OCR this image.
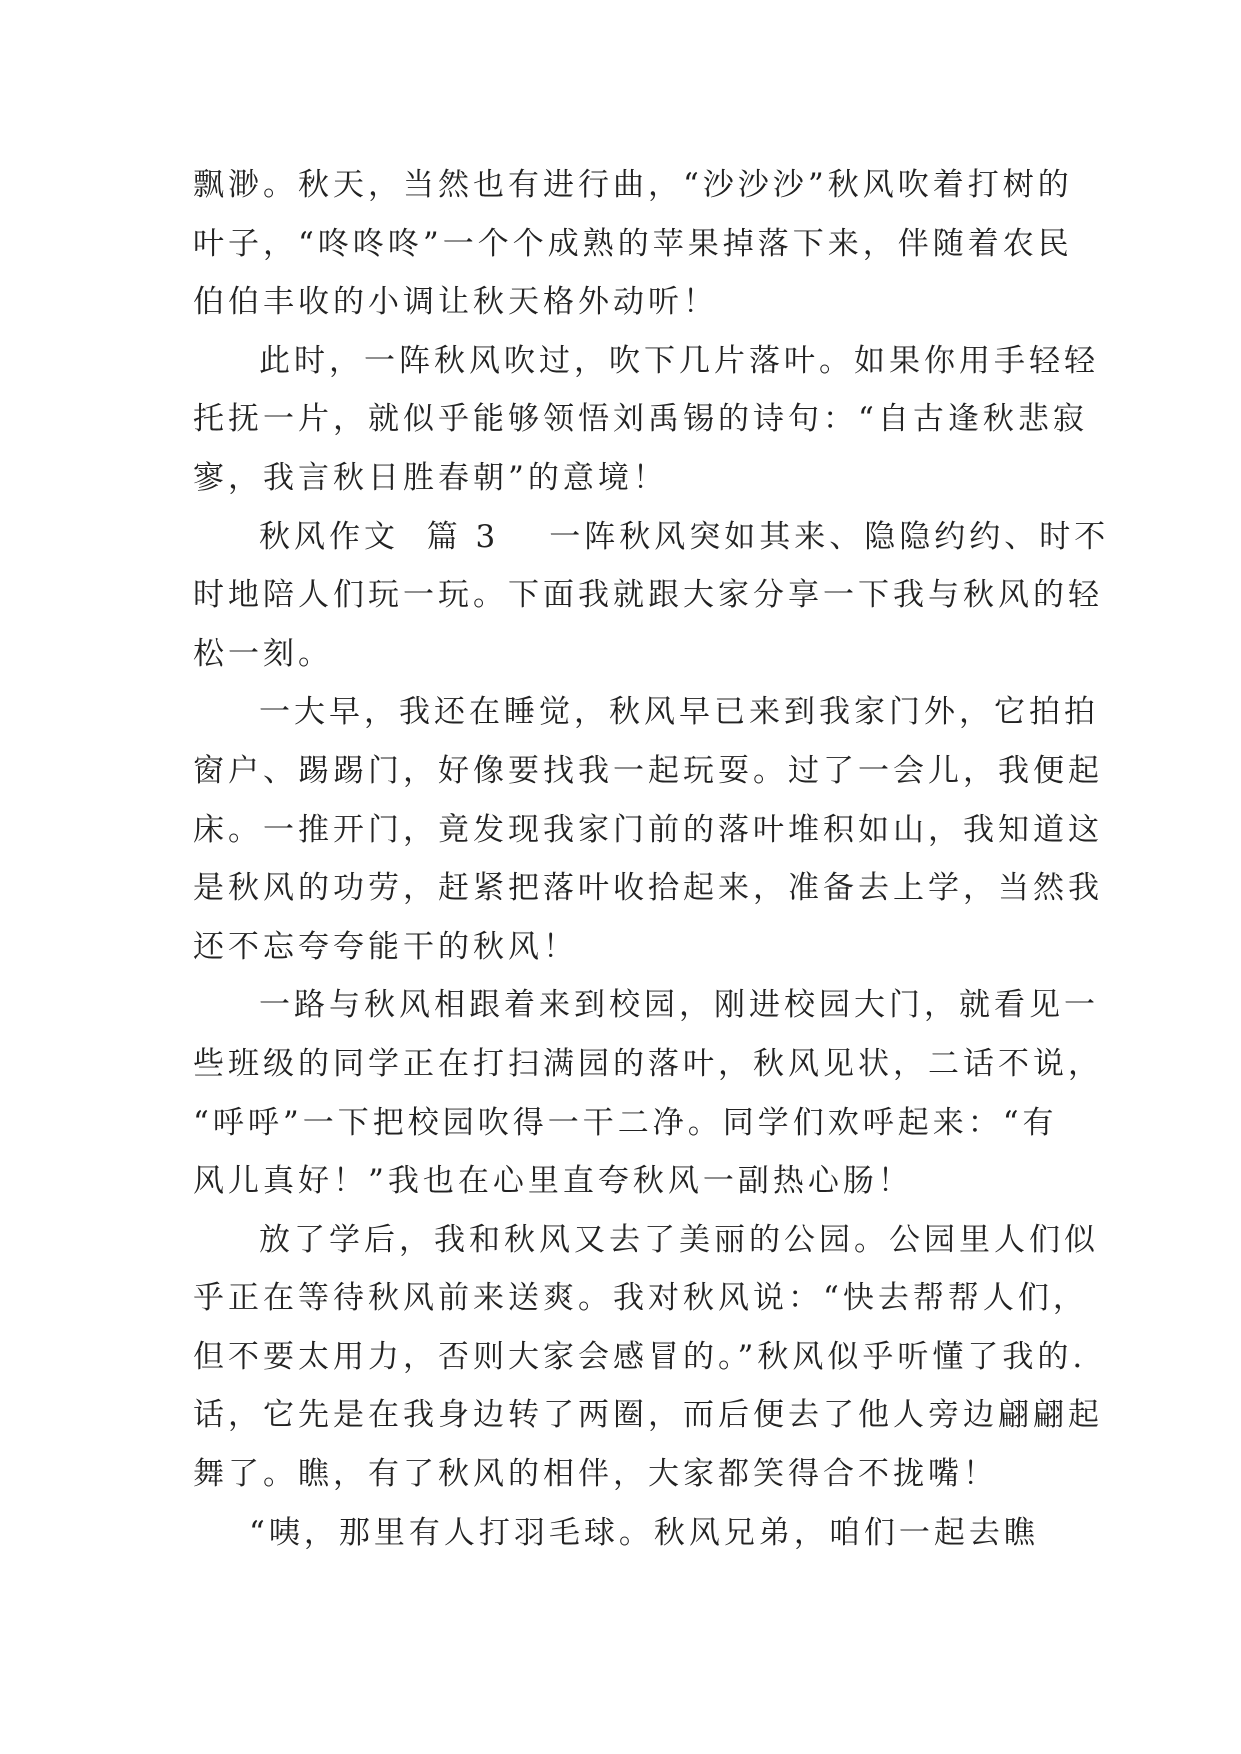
飘渺。秋天，当然也有进行曲，“沙沙沙”秋风吹着打树的
叶子，“咚咚咚”一个个成熟的苹果掉落下来，伴随着农民
伯伯丰收的小调让秋天格外动听！
此时，一阵秋风吹过，吹下几片落叶。如果你用手轻轻
托抚一片，就似乎能够领悟刘禹锡的诗句：“自古逢秋悲寂
寥，我言秋日胜春朝”的意境！
秋风作文  篇 3 一阵秋风突如其来、隐隐约约、时不
时地陪人们玩一玩。下面我就跟大家分享一下我与秋风的轻
松一刻。
一大早，我还在睡觉，秋风早已来到我家门外，它拍拍
窗户、踢踢门，好像要找我一起玩耍。过了一会儿，我便起
床。一推开门，竟发现我家门前的落叶堆积如山，我知道这
是秋风的功劳，赶紧把落叶收拾起来，准备去上学，当然我
还不忘夸夸能干的秋风！
一路与秋风相跟着来到校园，刚进校园大门，就看见一
些班级的同学正在打扫满园的落叶，秋风见状，二话不说，
“呼呼”一下把校园吹得一干二净。同学们欢呼起来：“有
风儿真好！”我也在心里直夸秋风一副热心肠！
放了学后，我和秋风又去了美丽的公园。公园里人们似
乎正在等待秋风前来送爽。我对秋风说：“快去帮帮人们，
但不要太用力，否则大家会感冒的。”秋风似乎听懂了我的.
话，它先是在我身边转了两圈，而后便去了他人旁边翩翩起
舞了。瞧，有了秋风的相伴，大家都笑得合不拢嘴！
“咦，那里有人打羽毛球。秋风兄弟，咱们一起去瞧
